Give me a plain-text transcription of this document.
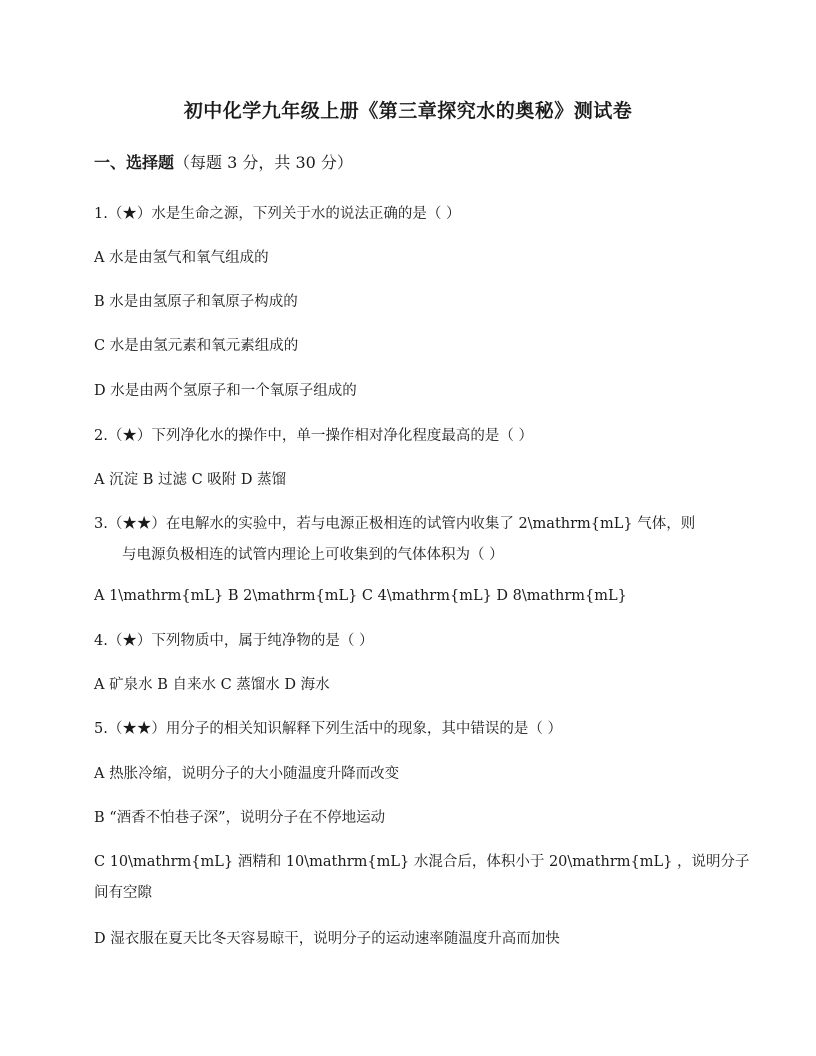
初中化学九年级上册《第三章探究水的奥秘》测试卷
一、选择题（每题 3 分，共 30 分）
1.（★）水是生命之源，下列关于水的说法正确的是（ ）
A 水是由氢气和氧气组成的
B 水是由氢原子和氧原子构成的
C 水是由氢元素和氧元素组成的
D 水是由两个氢原子和一个氧原子组成的
2.（★）下列净化水的操作中，单一操作相对净化程度最高的是（ ）
A 沉淀 B 过滤 C 吸附 D 蒸馏
3.（★★）在电解水的实验中，若与电源正极相连的试管内收集了 2\mathrm{mL} 气体，则
与电源负极相连的试管内理论上可收集到的气体体积为（ ）
A 1\mathrm{mL} B 2\mathrm{mL} C 4\mathrm{mL} D 8\mathrm{mL}
4.（★）下列物质中，属于纯净物的是（ ）
A 矿泉水 B 自来水 C 蒸馏水 D 海水
5.（★★）用分子的相关知识解释下列生活中的现象，其中错误的是（ ）
A 热胀冷缩，说明分子的大小随温度升降而改变
B “酒香不怕巷子深”，说明分子在不停地运动
C 10\mathrm{mL} 酒精和 10\mathrm{mL} 水混合后，体积小于 20\mathrm{mL} ，说明分子
间有空隙
D 湿衣服在夏天比冬天容易晾干，说明分子的运动速率随温度升高而加快
